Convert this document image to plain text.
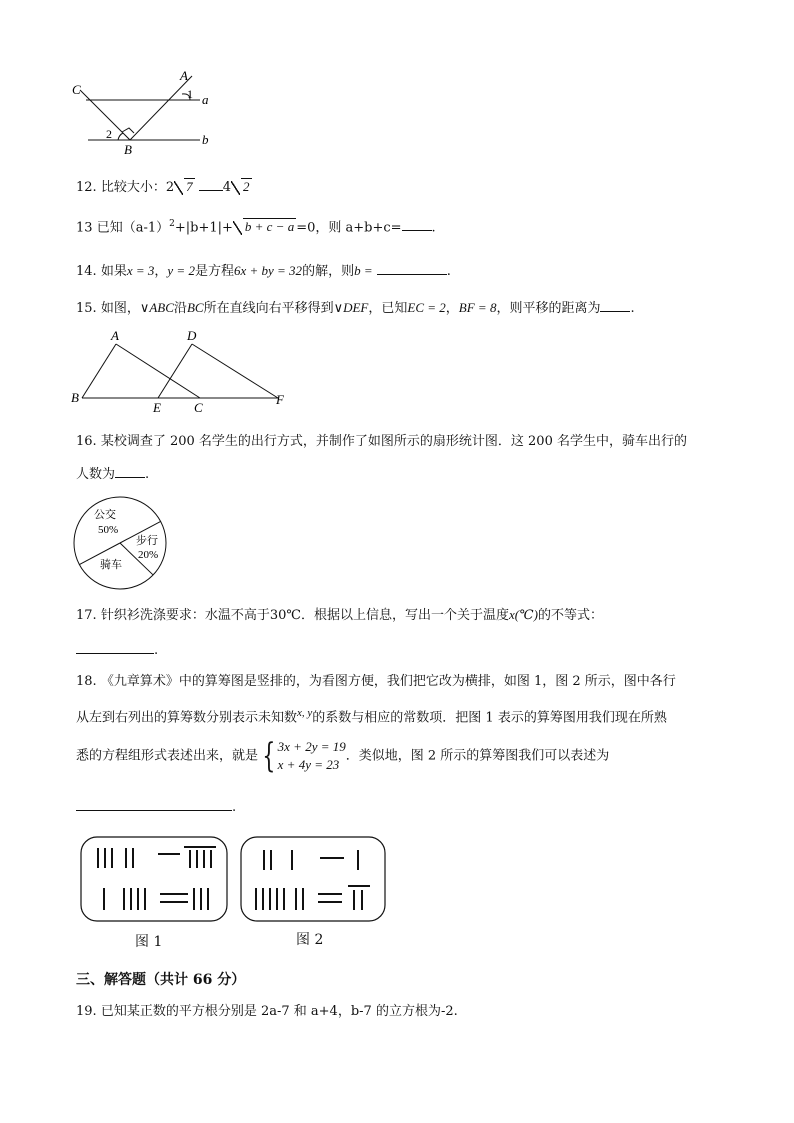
C
A
1 a
2
B
b
12. 比较大小：2 7 4 2
13 已知$(a-1)^2+|b+1|+ b + c - a =0$，则 a+b+c= .
14. 如果x = 3，y = 2是方程6x + by = 32的解，则b =	.
15. 如图，∨ABC沿BC所在直线向右平移得到∨DEF，已知EC = 2，BF = 8，则平移的距离为 .
A	D
B
E	C
F
16. 某校调查了 200 名学生的出行方式，并制作了如图所示的扇形统计图．这 200 名学生中，骑车出行的
人数为 .
公交
50%
步行
20%
骑车
17. 针织衫洗涤要求：水温不高于30℃．根据以上信息，写出一个关于温度x(℃)的不等式：
.
18. 《九章算术》中的算筹图是竖排的，为看图方便，我们把它改为横排，如图 1，图 2 所示，图中各行
从左到右列出的算筹数分别表示未知数$^{x, y}$的系数与相应的常数项．把图 1 表示的算筹图用我们现在所熟
悉的方程组形式表述出来，就是 { 3x + 2y = 19
x + 4y = 23
．类似地，图 2 所示的算筹图我们可以表述为
.
图 1	图 2
三、解答题（共计 66 分）
19. 已知某正数的平方根分别是 2a-7 和 a+4，b-7 的立方根为-2.
